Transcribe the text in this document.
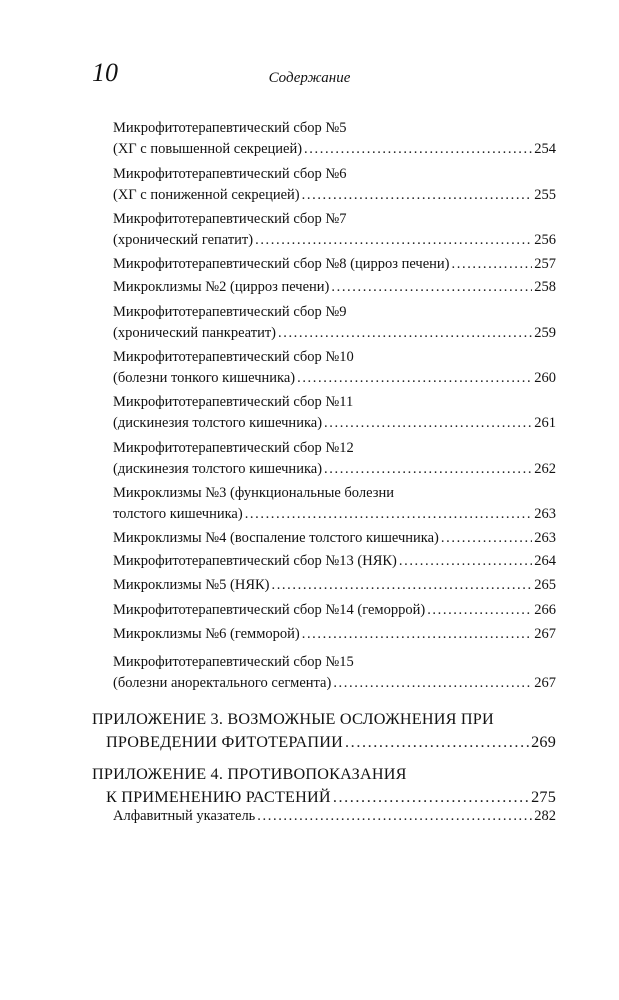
10	Содержание
Микрофитотерапевтический сбор №5
(ХГ с повышенной секрецией) .....	254
Микрофитотерапевтический сбор №6
(ХГ с пониженной секрецией) .....	255
Микрофитотерапевтический сбор №7
(хронический гепатит) .....	256
Микрофитотерапевтический сбор №8 (цирроз печени) .....	257
Микроклизмы №2 (цирроз печени) .....	258
Микрофитотерапевтический сбор №9
(хронический панкреатит) .....	259
Микрофитотерапевтический сбор №10
(болезни тонкого кишечника) .....	260
Микрофитотерапевтический сбор №11
(дискинезия толстого кишечника) .....	261
Микрофитотерапевтический сбор №12
(дискинезия толстого кишечника) .....	262
Микроклизмы №3 (функциональные болезни
толстого кишечника) .....	263
Микроклизмы №4 (воспаление толстого кишечника) .....	263
Микрофитотерапевтический сбор №13 (НЯК) .....	264
Микроклизмы №5 (НЯК) .....	265
Микрофитотерапевтический сбор №14 (геморрой) .....	266
Микроклизмы №6 (гемморой) .....	267
Микрофитотерапевтический сбор №15
(болезни аноректального сегмента) .....	267
ПРИЛОЖЕНИЕ 3. ВОЗМОЖНЫЕ ОСЛОЖНЕНИЯ ПРИ
ПРОВЕДЕНИИ ФИТОТЕРАПИИ .....	269
ПРИЛОЖЕНИЕ 4. ПРОТИВОПОКАЗАНИЯ
К ПРИМЕНЕНИЮ РАСТЕНИЙ .....	275
Алфавитный указатель .....	282
